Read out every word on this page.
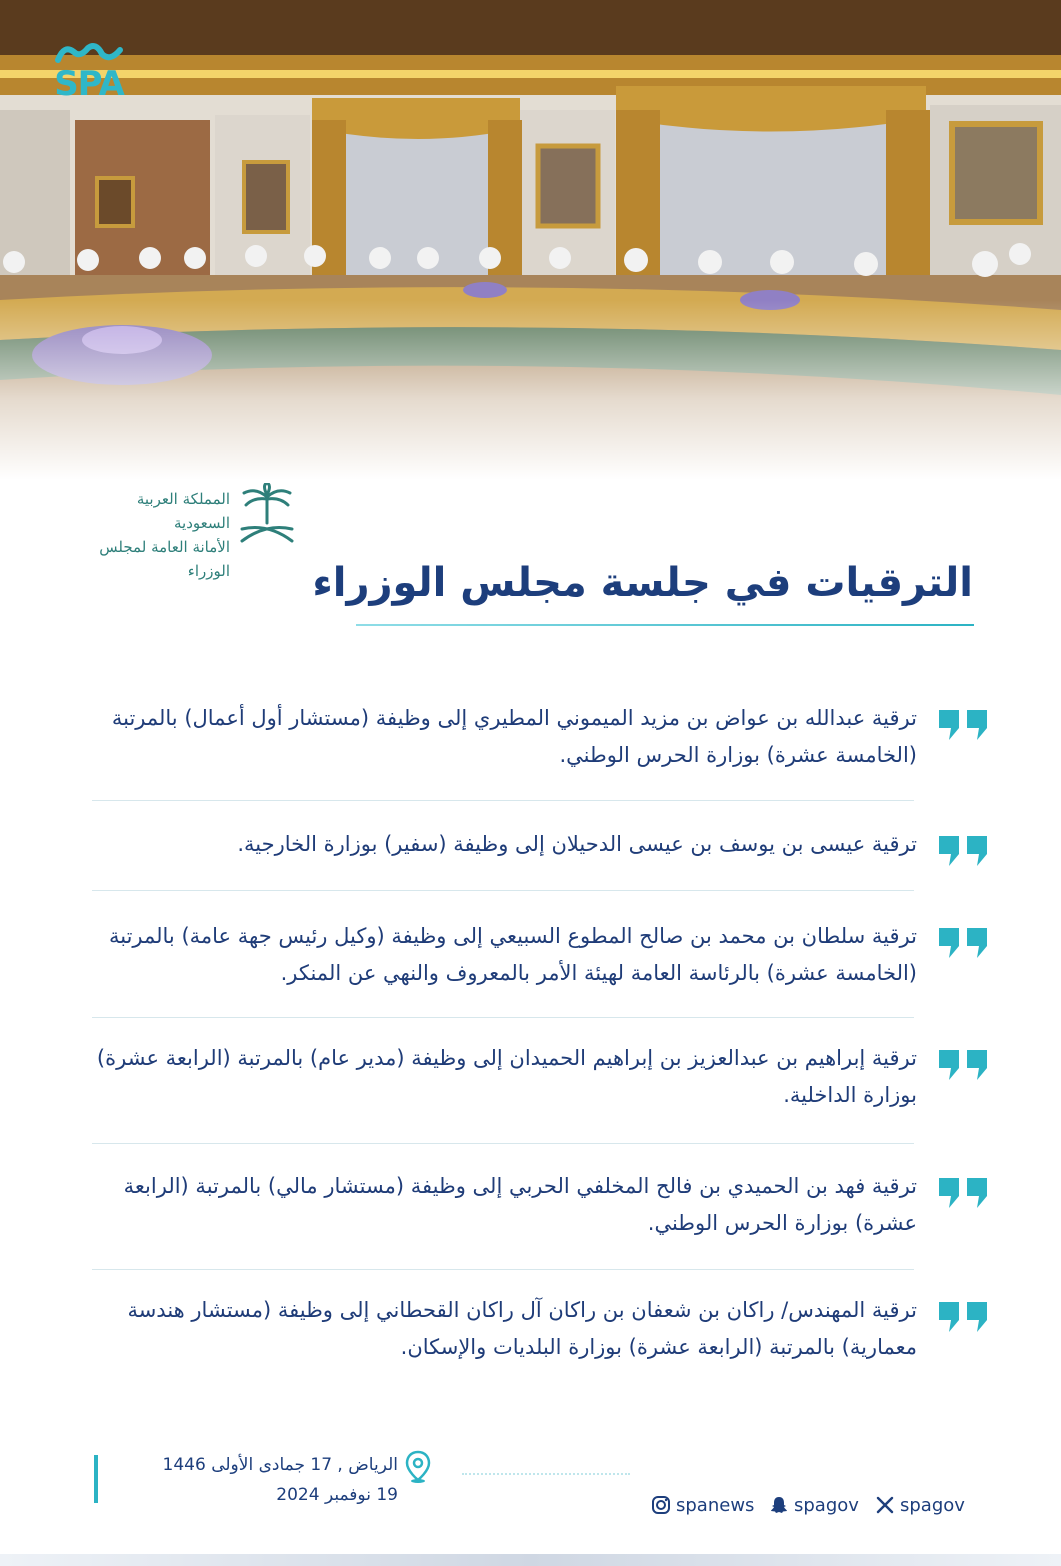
SPA
المملكة العربية السعودية
الأمانة العامة لمجلس الوزراء	الترقيات في جلسة مجلس الوزراء
ترقية عبدالله بن عواض بن مزيد الميموني المطيري إلى وظيفة (مستشار أول أعمال) بالمرتبة (الخامسة عشرة) بوزارة الحرس الوطني.
ترقية عيسى بن يوسف بن عيسى الدحيلان إلى وظيفة (سفير) بوزارة الخارجية.
ترقية سلطان بن محمد بن صالح المطوع السبيعي إلى وظيفة (وكيل رئيس جهة عامة) بالمرتبة (الخامسة عشرة) بالرئاسة العامة لهيئة الأمر بالمعروف والنهي عن المنكر.
ترقية إبراهيم بن عبدالعزيز بن إبراهيم الحميدان إلى وظيفة (مدير عام) بالمرتبة (الرابعة عشرة) بوزارة الداخلية.
ترقية فهد بن الحميدي بن فالح المخلفي الحربي إلى وظيفة (مستشار مالي) بالمرتبة (الرابعة عشرة) بوزارة الحرس الوطني.
ترقية المهندس/ راكان بن شعفان بن راكان آل راكان القحطاني إلى وظيفة (مستشار هندسة معمارية) بالمرتبة (الرابعة عشرة) بوزارة البلديات والإسكان.
الرياض , 17 جمادى الأولى 1446
19 نوفمبر 2024	spanews spagov spagov
